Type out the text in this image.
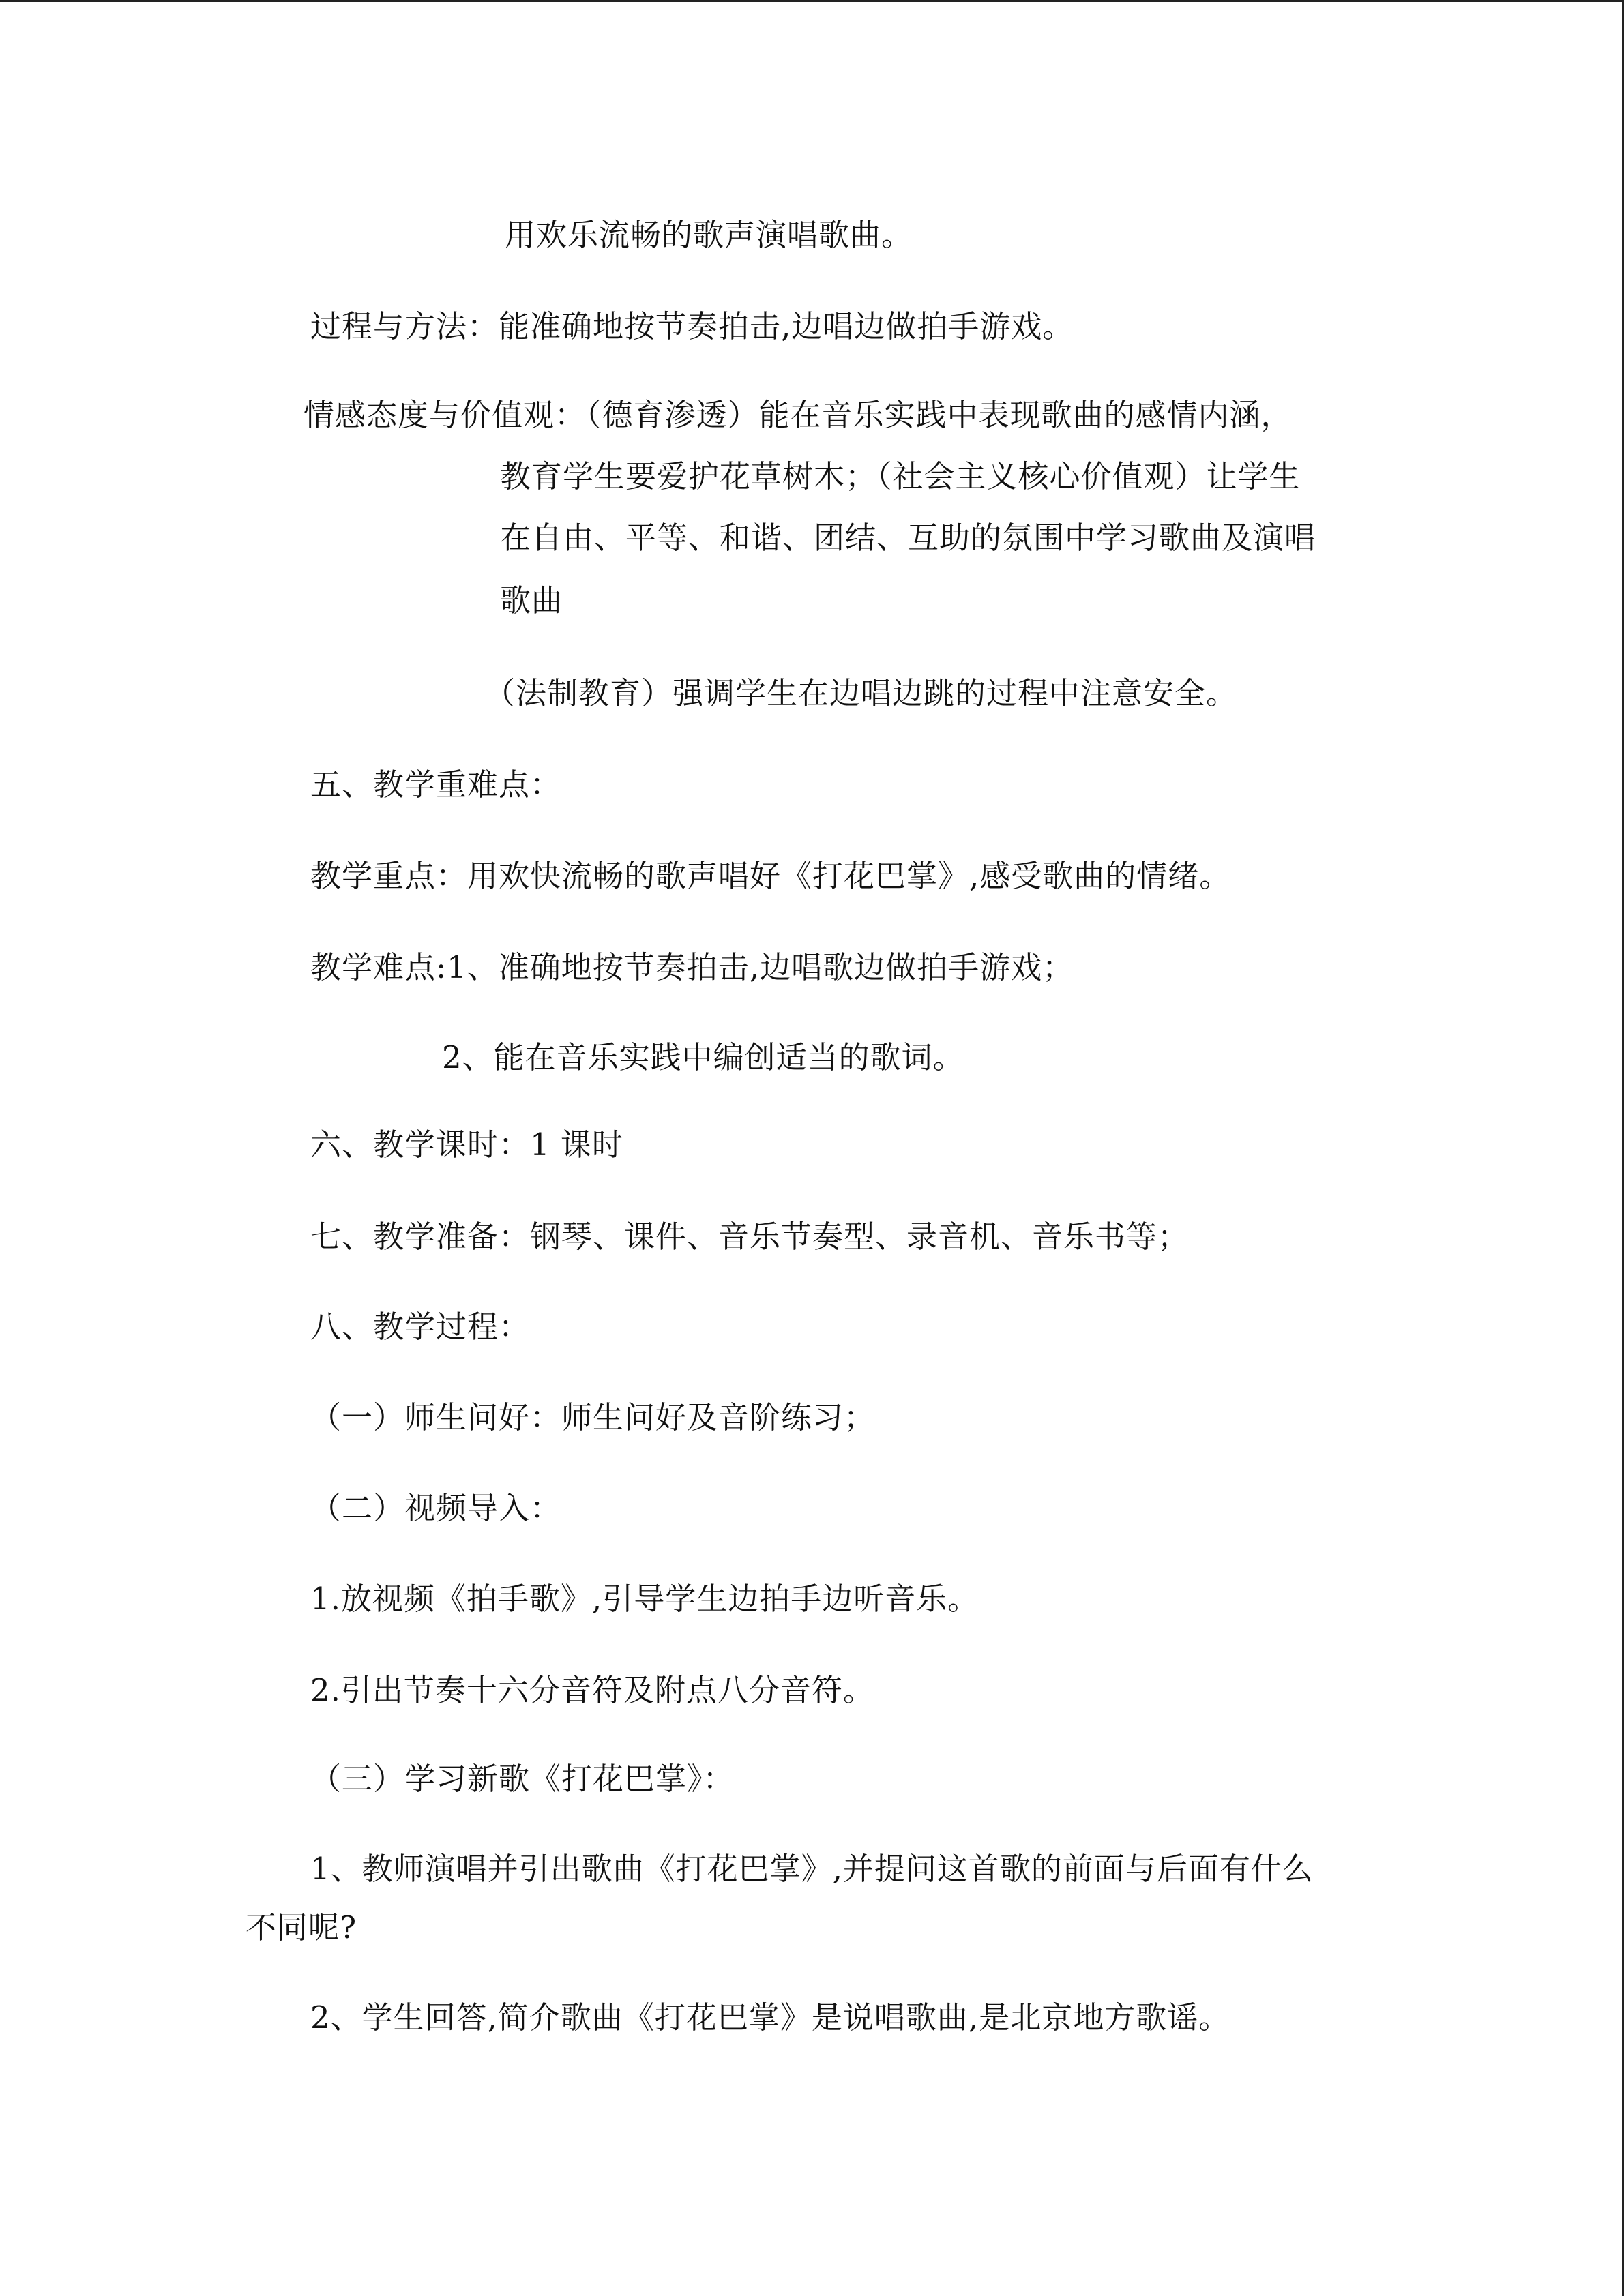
用欢乐流畅的歌声演唱歌曲。
过程与方法：能准确地按节奏拍击,边唱边做拍手游戏。
情感态度与价值观：（德育渗透）能在音乐实践中表现歌曲的感情内涵，
教育学生要爱护花草树木；（社会主义核心价值观）让学生
在自由、平等、和谐、团结、互助的氛围中学习歌曲及演唱
歌曲
（法制教育）强调学生在边唱边跳的过程中注意安全。
五、教学重难点：
教学重点：用欢快流畅的歌声唱好《打花巴掌》,感受歌曲的情绪。
教学难点:1、准确地按节奏拍击,边唱歌边做拍手游戏；
2、能在音乐实践中编创适当的歌词。
六、教学课时：1 课时
七、教学准备：钢琴、课件、音乐节奏型、录音机、音乐书等；
八、教学过程：
（一）师生问好：师生问好及音阶练习；
（二）视频导入：
1.放视频《拍手歌》,引导学生边拍手边听音乐。
2.引出节奏十六分音符及附点八分音符。
（三）学习新歌《打花巴掌》：
1、教师演唱并引出歌曲《打花巴掌》,并提问这首歌的前面与后面有什么
不同呢?
2、学生回答,简介歌曲《打花巴掌》是说唱歌曲,是北京地方歌谣。
